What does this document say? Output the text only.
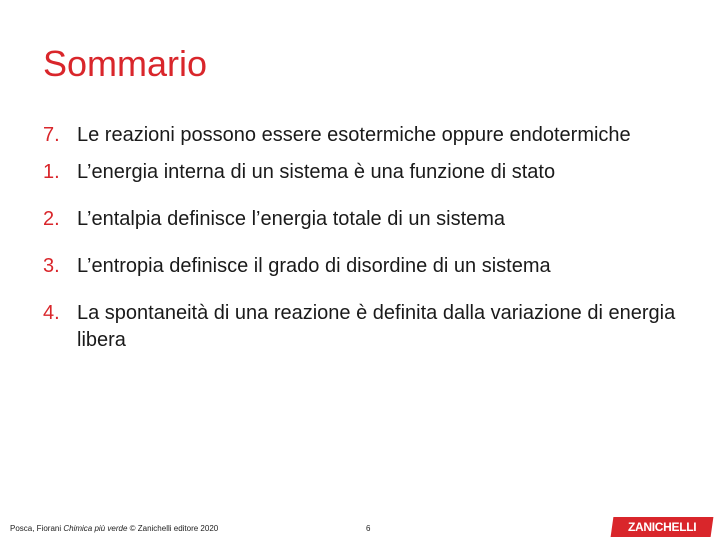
Sommario
7. Le reazioni possono essere esotermiche oppure endotermiche
1. L’energia interna di un sistema è una funzione di stato
2. L’entalpia definisce l’energia totale di un sistema
3. L’entropia definisce il grado di disordine di un sistema
4. La spontaneità di una reazione è definita dalla variazione di energia libera
Posca, Fiorani Chimica più verde © Zanichelli editore 2020	6	ZANICHELLI
